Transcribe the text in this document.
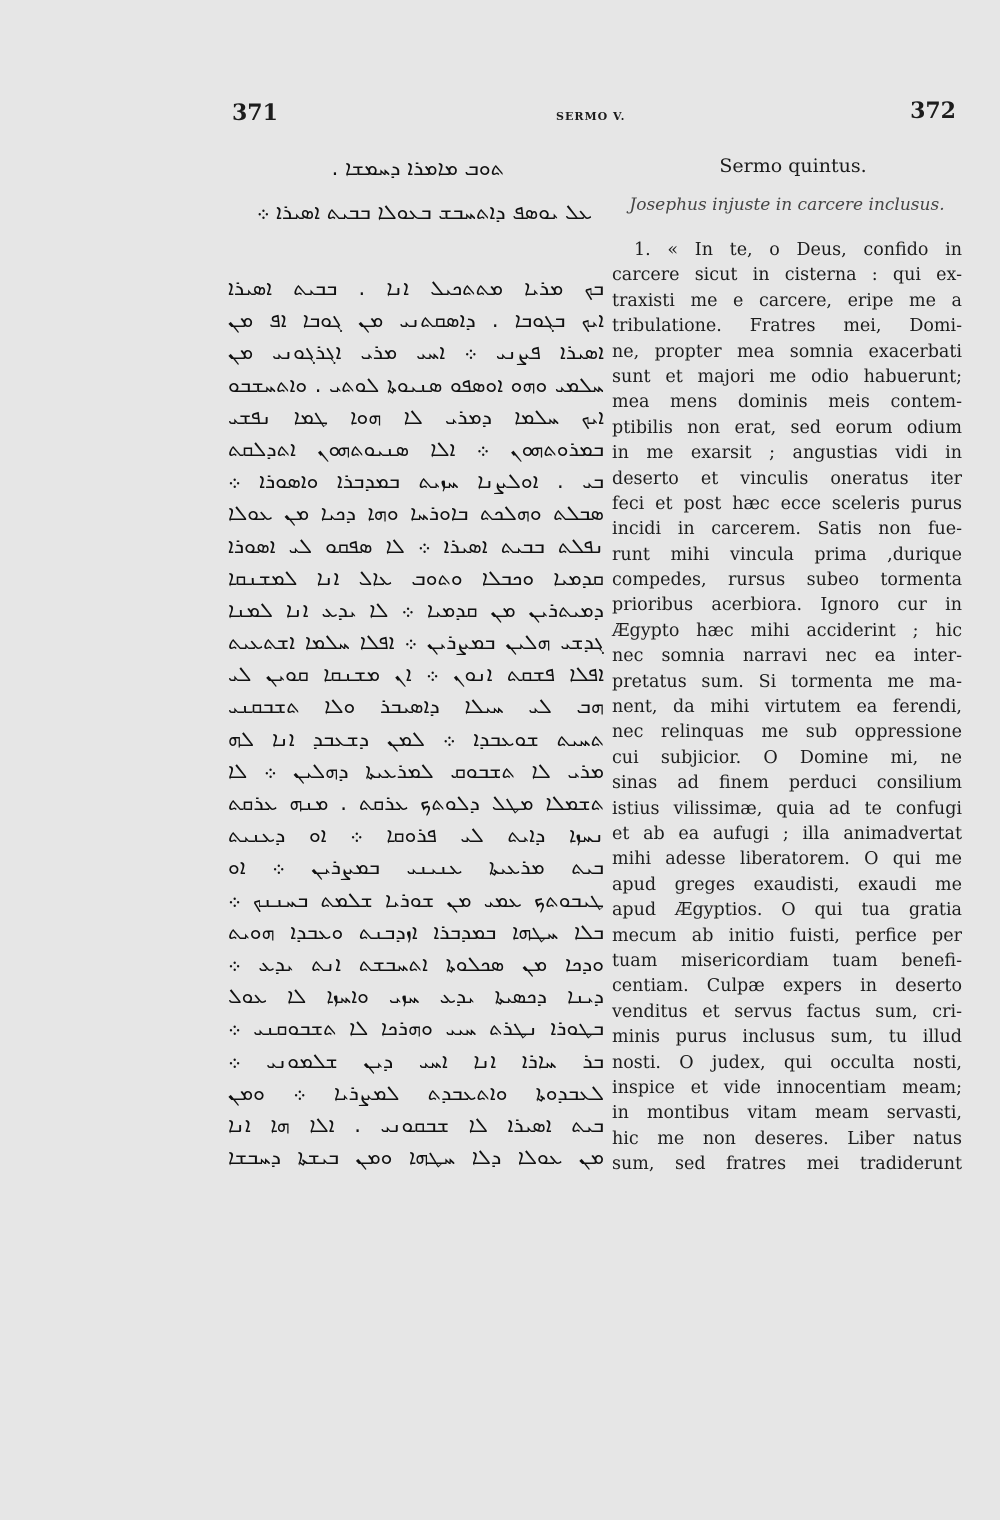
371	SERMO V.	372
ܬܘܒ ܡܐܡܪܐ ܕܚܡܫܐ .
ܥܠ ܝܘܣܦ ܕܐܬܚܒܫ ܒܥܘܠܐ ܒܒܝܬ ܐܣܝܪܐ ܀
ܒܟ ܡܪܝܐ ܡܬܬܟܝܠ ܐܢܐ . ܒܒܝܬ ܐܣܝܪܐ
ܐܝܟ ܒܓܘܒܐ . ܕܐܣܩܬܢܝ ܡܢ ܓܘܒܐ ܐܦ ܡܢ
ܐܣܝܪܐ ܦܨܢܝ ܀ ܐܚܝ ܡܪܝ ܐܓܪܓܘܢܝ ܡܢ
ܚܠܡܝ ܘܗܘ ܐܘܣܦܘ ܣܢܝܘܬܐ ܠܘܬܝ . ܘܐܬܚܫܒܘ
ܐܝܟ ܚܠܡܐ ܕܡܪܝ ܠܐ ܗܘܐ ܛܡܐ ܢܦܫܝ
ܒܡܪܘܬܗܘܢ ܀ ܐܠܐ ܣܢܝܘܬܗܘܢ ܐܬܕܠܩܬ
ܒܝ . ܐܘܠܨܢܐ ܚܙܝܬ ܒܡܕܒܪܐ ܘܐܣܘܪܐ ܀
ܣܒܠܬ ܘܗܠܟܬ ܒܐܘܪܚܐ ܘܗܐ ܕܟܝܐ ܡܢ ܥܘܠܐ
ܢܦܠܬ ܒܒܝܬ ܐܣܝܪܐ ܀ ܠܐ ܣܦܩܘ ܠܝ ܐܣܘܪܐ
ܩܕܡܝܐ ܘܟܒܠܐ ܘܬܘܒ ܥܐܠ ܐܢܐ ܠܡܫܢܩܐ
ܕܡܝܬܪܝܢ ܡܢ ܩܕܡܝܐ ܀ ܠܐ ܝܕܥ ܐܢܐ ܠܡܢܐ
ܓܕܫܝ ܗܠܝܢ ܒܡܨܪܝܢ ܀ ܐܦܠܐ ܚܠܡܐ ܐܫܬܥܝܬ
ܐܦܠܐ ܦܫܩܬ ܐܢܘܢ ܀ ܐܢ ܡܫܢܩܐ ܩܘܝܢ ܠܝ
ܗܒ ܠܝ ܚܝܠܐ ܕܐܣܝܒܪ ܘܠܐ ܬܫܒܩܢܝ
ܬܚܝܬ ܫܘܥܒܕܐ ܀ ܠܡܢ ܕܫܥܒܕ ܐܢܐ ܠܗ
ܡܪܝ ܠܐ ܬܫܒܘܩ ܠܡܪܥܝܬܐ ܕܗܠܝܢ ܀ ܠܐ
ܬܫܡܠܐ ܡܛܠ ܕܠܘܬܟ ܥܪܩܬ . ܡܢܗ ܥܪܩܬ
ܢܚܙܐ ܕܐܝܬ ܠܝ ܦܪܘܩܐ ܀ ܐܘ ܕܥܢܝܬ
ܒܝܬ ܡܪܥܝܬܐ ܥܢܝܢܝ ܒܡܨܪܝܢ ܀ ܐܘ
ܛܝܒܘܬܟ ܥܡܝ ܡܢ ܫܘܪܝܐ ܫܠܡܬ ܒܚܢܢܟ ܀
ܒܠܐ ܚܛܗܐ ܒܡܕܒܪܐ ܐܙܕܒܢܬ ܘܥܒܕܐ ܗܘܝܬ
ܘܕܟܐ ܡܢ ܣܟܠܘܬܐ ܐܬܚܒܫܬ ܐܢܬ ܝܕܥ ܀
ܕܝܢܐ ܕܟܣܝܬܐ ܝܕܥ ܚܙܝ ܘܐܚܙܐ ܠܐ ܥܘܠ
ܒܛܘܪܐ ܢܛܪܬ ܚܝܝ ܘܗܪܟܐ ܠܐ ܬܫܒܘܩܢܝ ܀
ܒܪ ܚܐܪܐ ܐܢܐ ܐܚܝ ܕܝܢ ܫܠܡܘܢܝ ܀
ܠܥܒܕܘܬܐ ܘܐܬܥܒܕܬ ܠܡܨܪܝܐ ܀ ܘܡܢ
ܒܝܬ ܐܣܝܪܐ ܠܐ ܫܒܩܘܢܝ . ܐܠܐ ܗܐ ܐܢܐ
ܡܢ ܥܘܠܐ ܕܠܐ ܚܛܗܐ ܘܡܢ ܒܝܫܬܐ ܕܚܒܫܐ
Sermo quintus.
Josephus injuste in carcere inclusus.
1. « In te, o Deus, confido in
carcere sicut in cisterna : qui ex-
traxisti me e carcere, eripe me a
tribulatione. Fratres mei, Domi-
ne, propter mea somnia exacerbati
sunt et majori me odio habuerunt;
mea mens dominis meis contem-
ptibilis non erat, sed eorum odium
in me exarsit ; angustias vidi in
deserto et vinculis oneratus iter
feci et post hæc ecce sceleris purus
incidi in carcerem. Satis non fue-
runt mihi vincula prima ,durique
compedes, rursus subeo tormenta
prioribus acerbiora. Ignoro cur in
Ægypto hæc mihi acciderint ; hic
nec somnia narravi nec ea inter-
pretatus sum. Si tormenta me ma-
nent, da mihi virtutem ea ferendi,
nec relinquas me sub oppressione
cui subjicior. O Domine mi, ne
sinas ad finem perduci consilium
istius vilissimæ, quia ad te confugi
et ab ea aufugi ; illa animadvertat
mihi adesse liberatorem. O qui me
apud greges exaudisti, exaudi me
apud Ægyptios. O qui tua gratia
mecum ab initio fuisti, perfice per
tuam misericordiam tuam benefi-
centiam. Culpæ expers in deserto
venditus et servus factus sum, cri-
minis purus inclusus sum, tu illud
nosti. O judex, qui occulta nosti,
inspice et vide innocentiam meam;
in montibus vitam meam servasti,
hic me non deseres. Liber natus
sum, sed fratres mei tradiderunt
